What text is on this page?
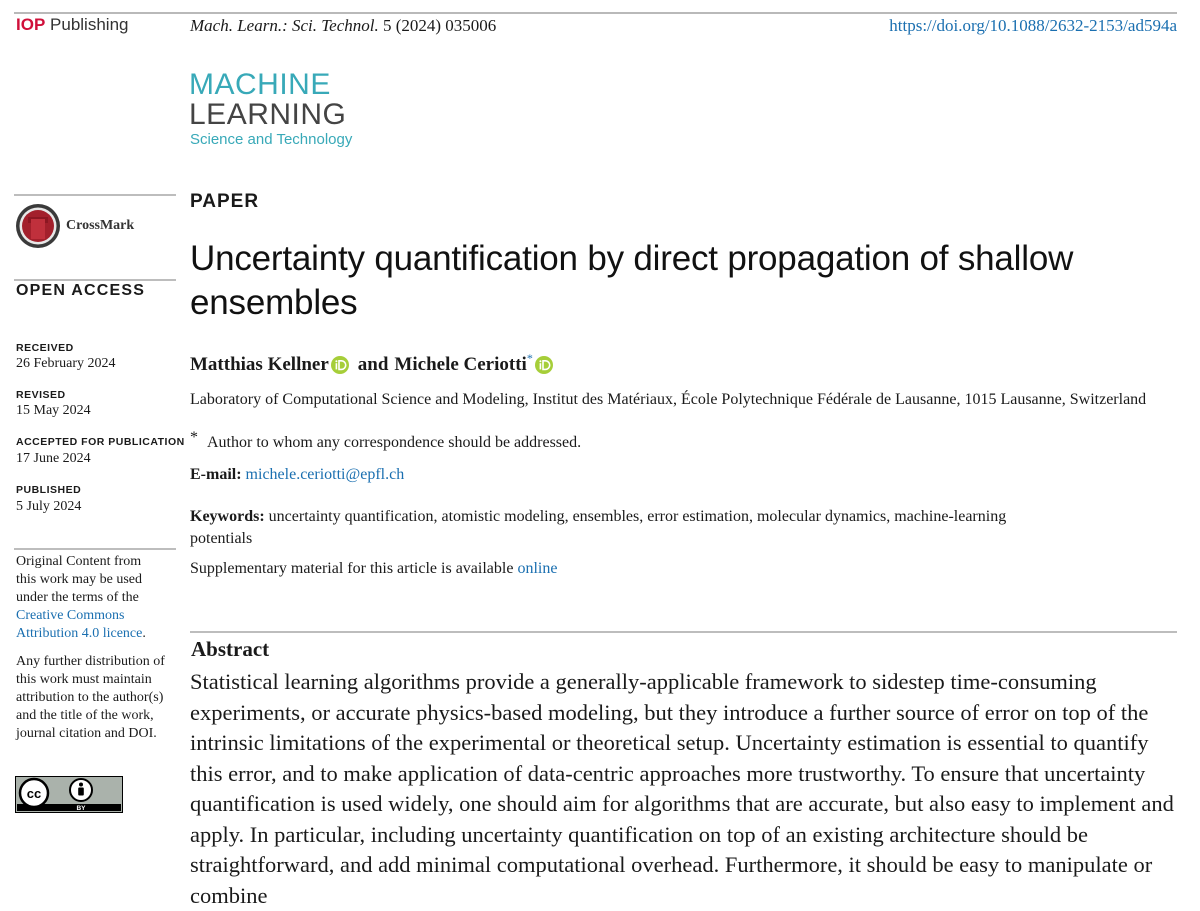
IOP Publishing	Mach. Learn.: Sci. Technol. 5 (2024) 035006	https://doi.org/10.1088/2632-2153/ad594a
MACHINE
LEARNING
Science and Technology
CrossMark
OPEN ACCESS
RECEIVED
26 February 2024
REVISED
15 May 2024
ACCEPTED FOR PUBLICATION
17 June 2024
PUBLISHED
5 July 2024
Original Content from this work may be used under the terms of the Creative Commons Attribution 4.0 licence.
Any further distribution of this work must maintain attribution to the author(s) and the title of the work, journal citation and DOI.
cc
BY
PAPER
Uncertainty quantification by direct propagation of shallow ensembles
Matthias Kellner and Michele Ceriotti *
Laboratory of Computational Science and Modeling, Institut des Matériaux, École Polytechnique Fédérale de Lausanne, 1015 Lausanne, Switzerland
* Author to whom any correspondence should be addressed.
E-mail: michele.ceriotti@epfl.ch
Keywords: uncertainty quantification, atomistic modeling, ensembles, error estimation, molecular dynamics, machine-learning potentials
Supplementary material for this article is available online
Abstract
Statistical learning algorithms provide a generally-applicable framework to sidestep time-consuming experiments, or accurate physics-based modeling, but they introduce a further source of error on top of the intrinsic limitations of the experimental or theoretical setup. Uncertainty estimation is essential to quantify this error, and to make application of data-centric approaches more trustworthy. To ensure that uncertainty quantification is used widely, one should aim for algorithms that are accurate, but also easy to implement and apply. In particular, including uncertainty quantification on top of an existing architecture should be straightforward, and add minimal computational overhead. Furthermore, it should be easy to manipulate or combine
